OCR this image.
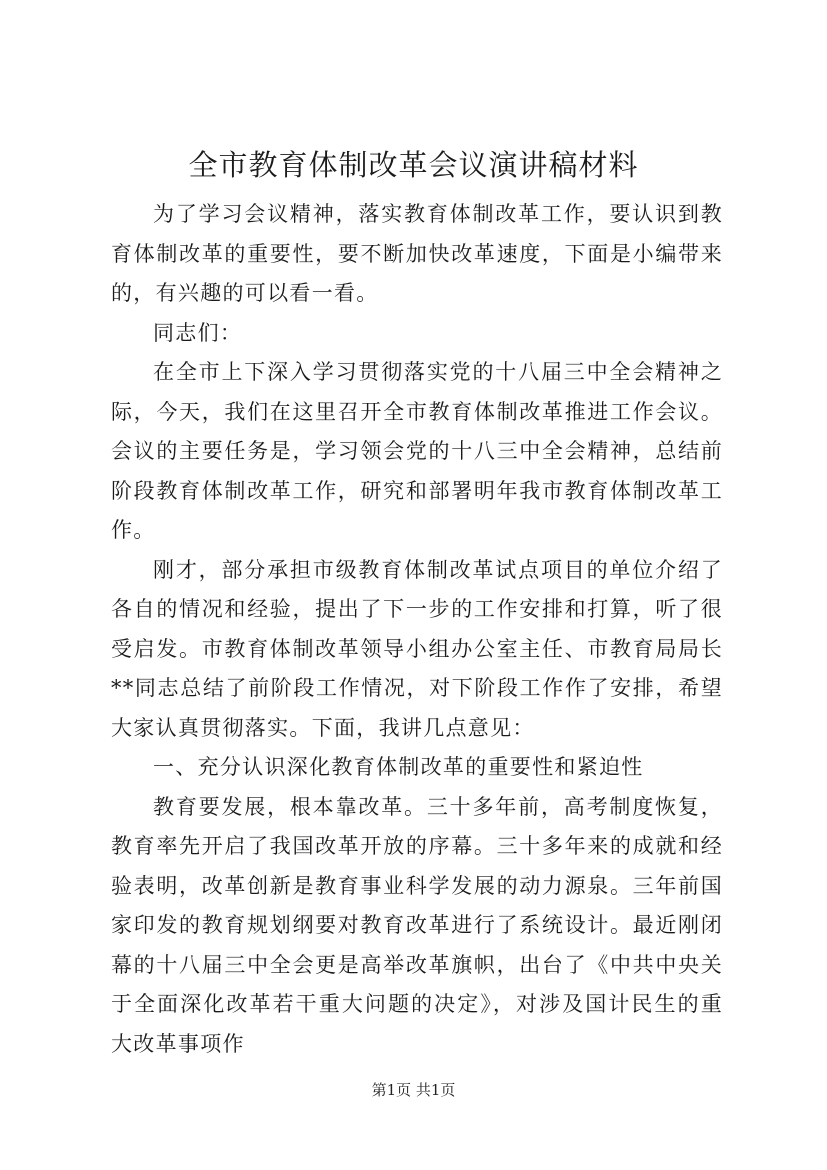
全市教育体制改革会议演讲稿材料

为了学习会议精神，落实教育体制改革工作，要认识到教育体制改革的重要性，要不断加快改革速度，下面是小编带来的，有兴趣的可以看一看。

同志们：

在全市上下深入学习贯彻落实党的十八届三中全会精神之际，今天，我们在这里召开全市教育体制改革推进工作会议。会议的主要任务是，学习领会党的十八三中全会精神，总结前阶段教育体制改革工作，研究和部署明年我市教育体制改革工作。

刚才，部分承担市级教育体制改革试点项目的单位介绍了各自的情况和经验，提出了下一步的工作安排和打算，听了很受启发。市教育体制改革领导小组办公室主任、市教育局局长**同志总结了前阶段工作情况，对下阶段工作作了安排，希望大家认真贯彻落实。下面，我讲几点意见：

一、充分认识深化教育体制改革的重要性和紧迫性

教育要发展，根本靠改革。三十多年前，高考制度恢复，教育率先开启了我国改革开放的序幕。三十多年来的成就和经验表明，改革创新是教育事业科学发展的动力源泉。三年前国家印发的教育规划纲要对教育改革进行了系统设计。最近刚闭幕的十八届三中全会更是高举改革旗帜，出台了《中共中央关于全面深化改革若干重大问题的决定》，对涉及国计民生的重大改革事项作

第1页 共1页
